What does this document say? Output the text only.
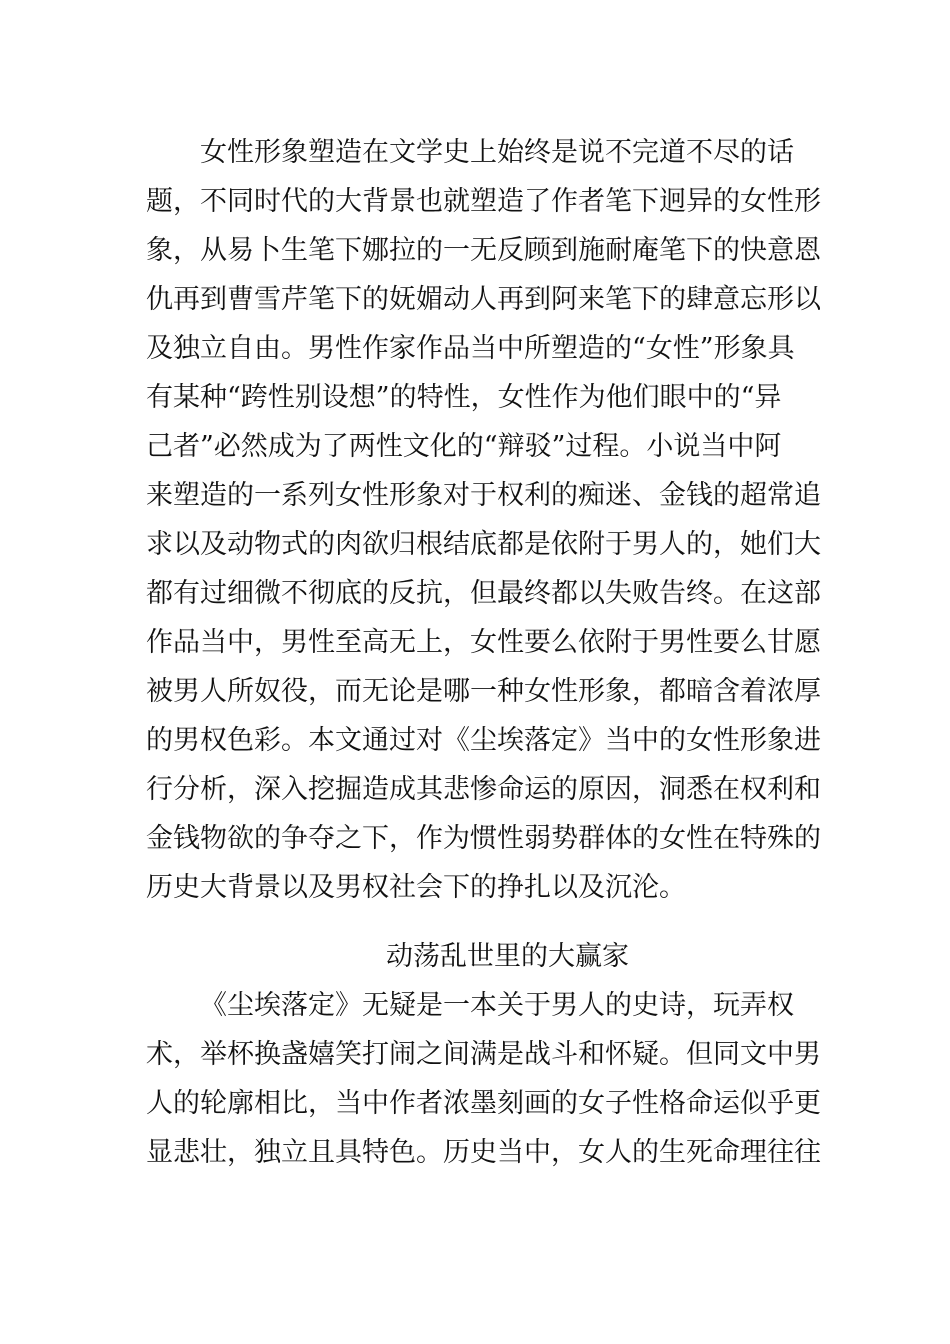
女性形象塑造在文学史上始终是说不完道不尽的话
题，不同时代的大背景也就塑造了作者笔下迥异的女性形
象，从易卜生笔下娜拉的一无反顾到施耐庵笔下的快意恩
仇再到曹雪芹笔下的妩媚动人再到阿来笔下的肆意忘形以
及独立自由。男性作家作品当中所塑造的“女性”形象具
有某种“跨性别设想”的特性，女性作为他们眼中的“异
己者”必然成为了两性文化的“辩驳”过程。小说当中阿
来塑造的一系列女性形象对于权利的痴迷、金钱的超常追
求以及动物式的肉欲归根结底都是依附于男人的，她们大
都有过细微不彻底的反抗，但最终都以失败告终。在这部
作品当中，男性至高无上，女性要么依附于男性要么甘愿
被男人所奴役，而无论是哪一种女性形象，都暗含着浓厚
的男权色彩。本文通过对《尘埃落定》当中的女性形象进
行分析，深入挖掘造成其悲惨命运的原因，洞悉在权利和
金钱物欲的争夺之下，作为惯性弱势群体的女性在特殊的
历史大背景以及男权社会下的挣扎以及沉沦。
动荡乱世里的大赢家
《尘埃落定》无疑是一本关于男人的史诗，玩弄权
术，举杯换盏嬉笑打闹之间满是战斗和怀疑。但同文中男
人的轮廓相比，当中作者浓墨刻画的女子性格命运似乎更
显悲壮，独立且具特色。历史当中，女人的生死命理往往
